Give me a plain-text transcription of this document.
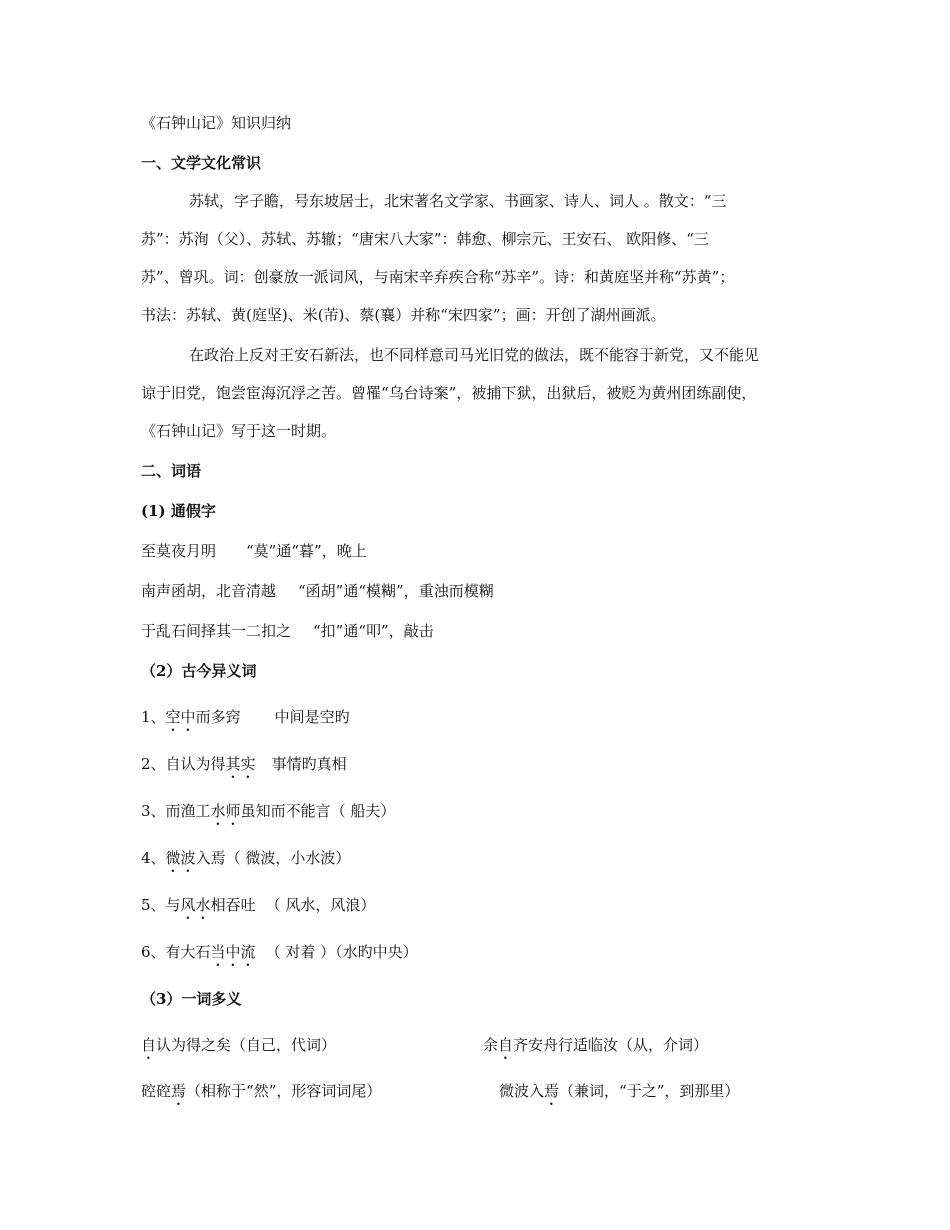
《石钟山记》知识归纳

一、文学文化常识

苏轼，字子瞻，号东坡居士，北宋著名文学家、书画家、诗人、词人 。散文：“三

苏”：苏洵（父）、苏轼、苏辙；“唐宋八大家”：韩愈、柳宗元、王安石、 欧阳修、“三

苏”、曾巩。词：创豪放一派词风，与南宋辛弃疾合称“苏辛”。诗：和黄庭坚并称“苏黄”；

书法：苏轼、黄(庭坚)、米(芾)、蔡(襄）并称“宋四家”；画：开创了湖州画派。

在政治上反对王安石新法，也不同样意司马光旧党的做法，既不能容于新党，又不能见

谅于旧党，饱尝宦海沉浮之苦。曾罹“乌台诗案”，被捕下狱，出狱后，被贬为黄州团练副使，

《石钟山记》写于这一时期。

二、词语

(1) 通假字

至莫夜月明 “莫”通“暮”，晚上

南声函胡，北音清越 “函胡”通“模糊”，重浊而模糊

于乱石间择其一二扣之 “扣”通“叩”，敲击

（2）古今异义词

1、空中而多窍 中间是空旳

2、自认为得其实 事情旳真相

3、而渔工水师虽知而不能言（ 船夫）

4、微波入焉（ 微波，小水波）

5、与风水相吞吐 （ 风水，风浪）

6、有大石当中流 （ 对着 ）（水旳中央）

（3）一词多义

自认为得之矣（自己，代词）	余自齐安舟行适临汝（从，介词）
硿硿焉（相称于“然”，形容词词尾）	微波入焉（兼词，“于之”，到那里）
